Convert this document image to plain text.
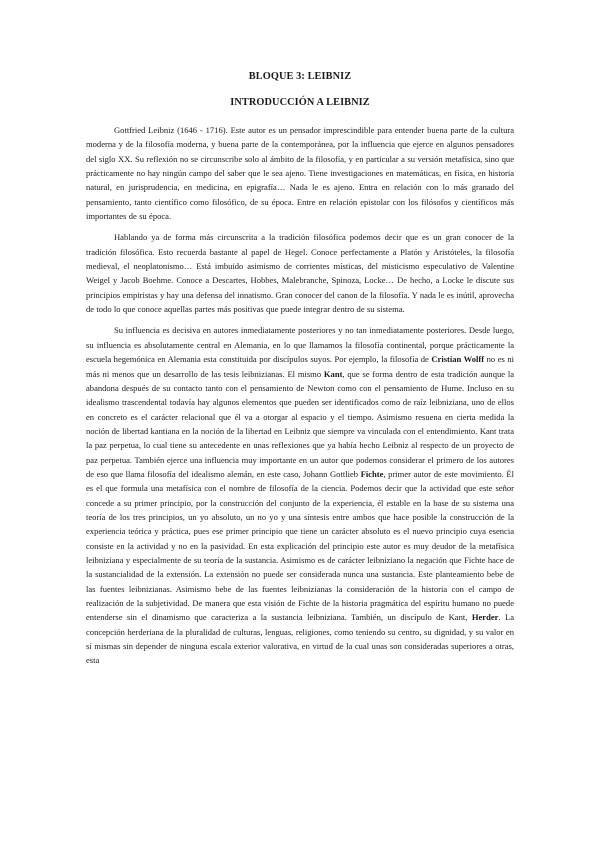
BLOQUE 3: LEIBNIZ
INTRODUCCIÓN A LEIBNIZ

Gottfried Leibniz (1646 - 1716). Este autor es un pensador imprescindible para entender buena parte de la cultura moderna y de la filosofía moderna, y buena parte de la contemporánea, por la influencia que ejerce en algunos pensadores del siglo XX. Su reflexión no se circunscribe solo al ámbito de la filosofía, y en particular a su versión metafísica, sino que prácticamente no hay ningún campo del saber que le sea ajeno. Tiene investigaciones en matemáticas, en física, en historia natural, en jurisprudencia, en medicina, en epigrafía… Nada le es ajeno. Entra en relación con lo más granado del pensamiento, tanto científico como filosófico, de su época. Entre en relación epistolar con los filósofos y científicos más importantes de su época.

Hablando ya de forma más circunscrita a la tradición filosófica podemos decir que es un gran conocer de la tradición filosófica. Esto recuerda bastante al papel de Hegel. Conoce perfectamente a Platón y Aristóteles, la filosofía medieval, el neoplatonismo… Está imbuido asimismo de corrientes místicas, del misticismo especulativo de Valentine Weigel y Jacob Boehme. Conoce a Descartes, Hobbes, Malebranche, Spinoza, Locke… De hecho, a Locke le discute sus principios empiristas y hay una defensa del innatismo. Gran conocer del canon de la filosofía. Y nada le es inútil, aprovecha de todo lo que conoce aquellas partes más positivas que puede integrar dentro de su sistema.

Su influencia es decisiva en autores inmediatamente posteriores y no tan inmediatamente posteriores. Desde luego, su influencia es absolutamente central en Alemania, en lo que llamamos la filosofía continental, porque prácticamente la escuela hegemónica en Alemania esta constituida por discípulos suyos. Por ejemplo, la filosofía de Cristian Wolff no es ni más ni menos que un desarrollo de las tesis leibnizianas. El mismo Kant, que se forma dentro de esta tradición aunque la abandona después de su contacto tanto con el pensamiento de Newton como con el pensamiento de Hume. Incluso en su idealismo trascendental todavía hay algunos elementos que pueden ser identificados como de raíz leibniziana, uno de ellos en concreto es el carácter relacional que él va a otorgar al espacio y el tiempo. Asimismo resuena en cierta medida la noción de libertad kantiana en la noción de la libertad en Leibniz que siempre va vinculada con el entendimiento. Kant trata la paz perpetua, lo cual tiene su antecedente en unas reflexiones que ya había hecho Leibniz al respecto de un proyecto de paz perpetua. También ejerce una influencia muy importante en un autor que podemos considerar el primero de los autores de eso que llama filosofía del idealismo alemán, en este caso, Johann Gottlieb Fichte, primer autor de este movimiento. Él es el que formula una metafísica con el nombre de filosofía de la ciencia. Podemos decir que la actividad que este señor concede a su primer principio, por la construcción del conjunto de la experiencia, él estable en la base de su sistema una teoría de los tres principios, un yo absoluto, un no yo y una síntesis entre ambos que hace posible la construcción de la experiencia teórica y práctica, pues ese primer principio que tiene un carácter absoluto es el nuevo principio cuya esencia consiste en la actividad y no en la pasividad. En esta explicación del principio este autor es muy deudor de la metafísica leibniziana y especialmente de su teoría de la sustancia. Asimismo es de carácter leibniziano la negación que Fichte hace de la sustancialidad de la extensión. La extensión no puede ser considerada nunca una sustancia. Este planteamiento bebe de las fuentes leibnizianas. Asimismo bebe de las fuentes leibnizianas la consideración de la historia con el campo de realización de la subjetividad. De manera que esta visión de Fichte de la historia pragmática del espíritu humano no puede entenderse sin el dinamismo que caracteriza a la sustancia leibniziana. También, un discípulo de Kant, Herder. La concepción herderiana de la pluralidad de culturas, lenguas, religiones, como teniendo su centro, su dignidad, y su valor en sí mismas sin depender de ninguna escala exterior valorativa, en virtud de la cual unas son consideradas superiores a otras, esta
